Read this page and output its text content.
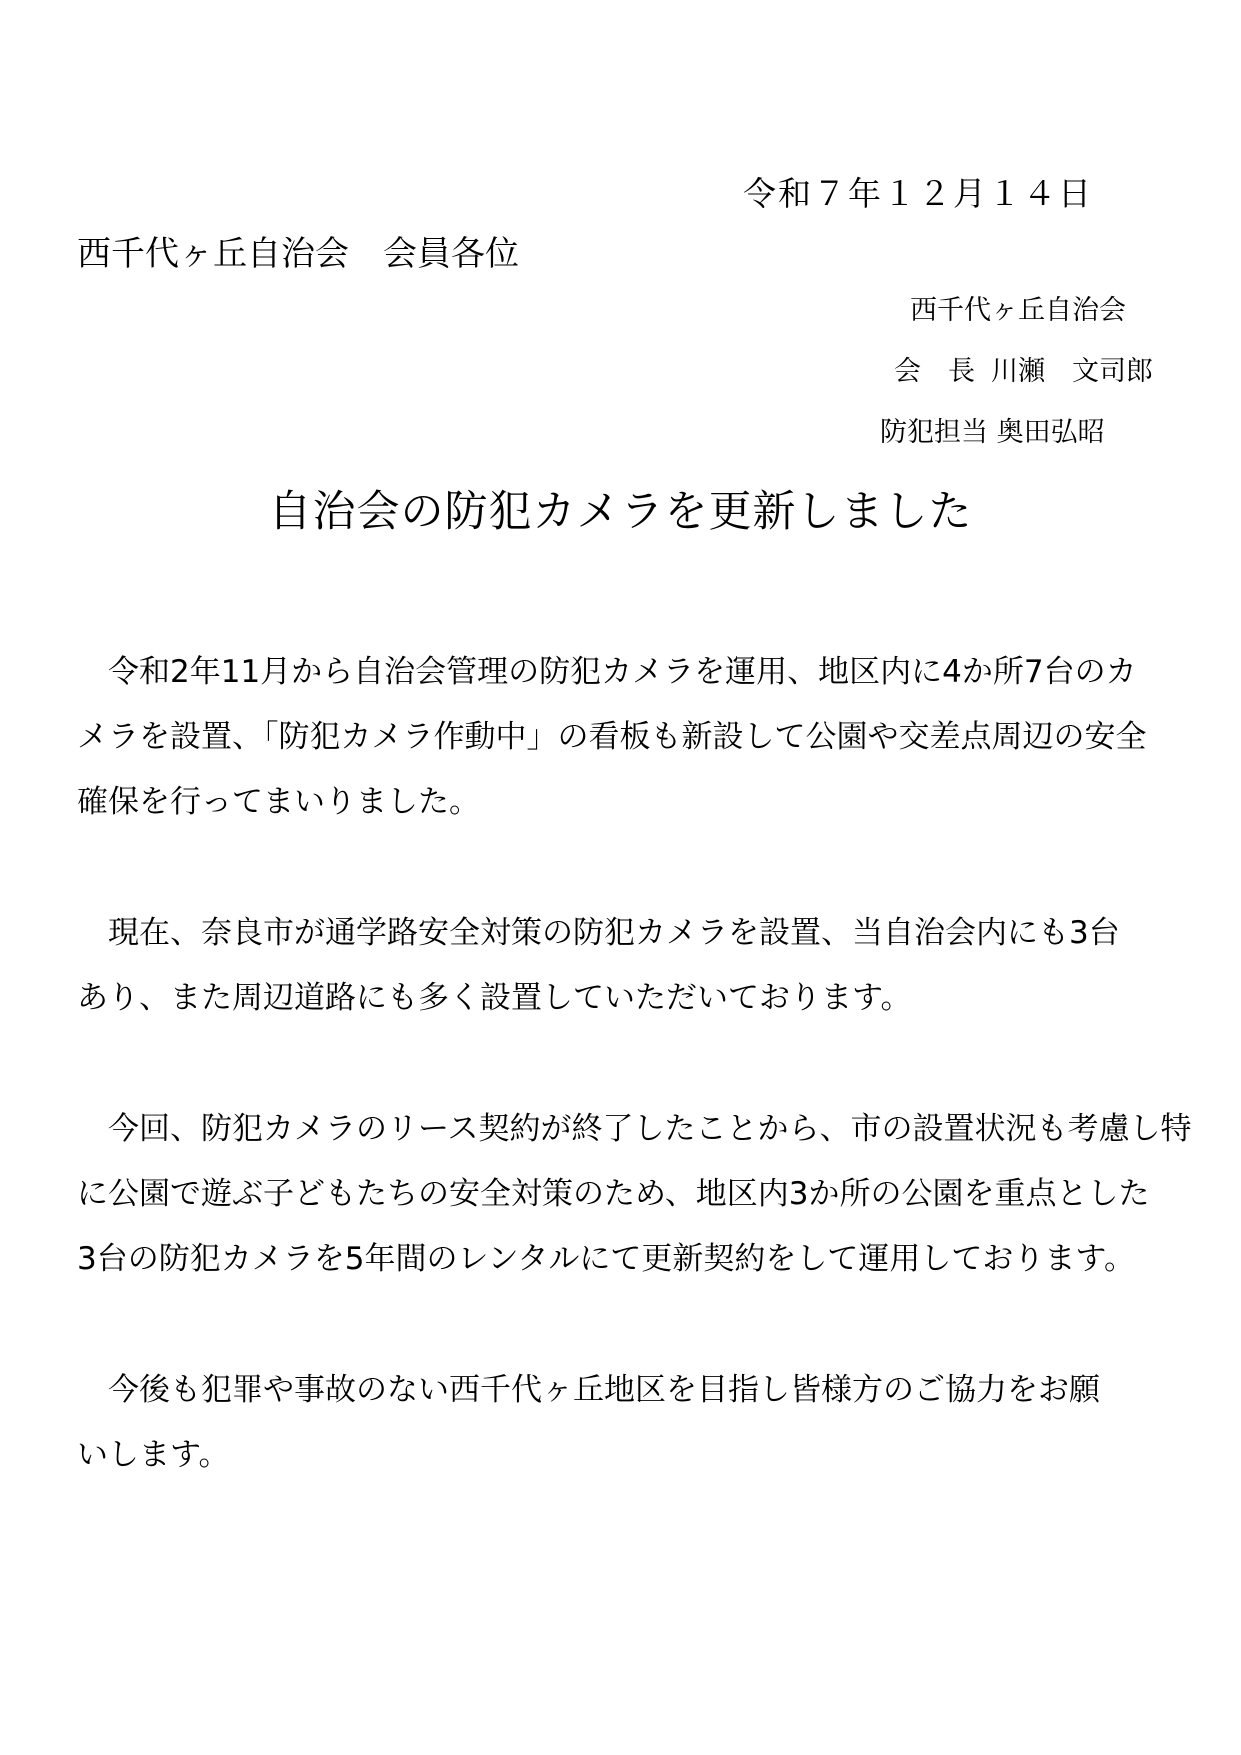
令和７年１２月１４日
西千代ヶ丘自治会　会員各位
西千代ヶ丘自治会
会　長 川瀬　文司郎
防犯担当 奥田弘昭
自治会の防犯カメラを更新しました
　令和2年11月から自治会管理の防犯カメラを運用、地区内に4か所7台のカ
メラを設置、「防犯カメラ作動中」の看板も新設して公園や交差点周辺の安全
確保を行ってまいりました。
　現在、奈良市が通学路安全対策の防犯カメラを設置、当自治会内にも3台
あり、また周辺道路にも多く設置していただいております。
　今回、防犯カメラのリース契約が終了したことから、市の設置状況も考慮し特
に公園で遊ぶ子どもたちの安全対策のため、地区内3か所の公園を重点とした
3台の防犯カメラを5年間のレンタルにて更新契約をして運用しております。
　今後も犯罪や事故のない西千代ヶ丘地区を目指し皆様方のご協力をお願
いします。
